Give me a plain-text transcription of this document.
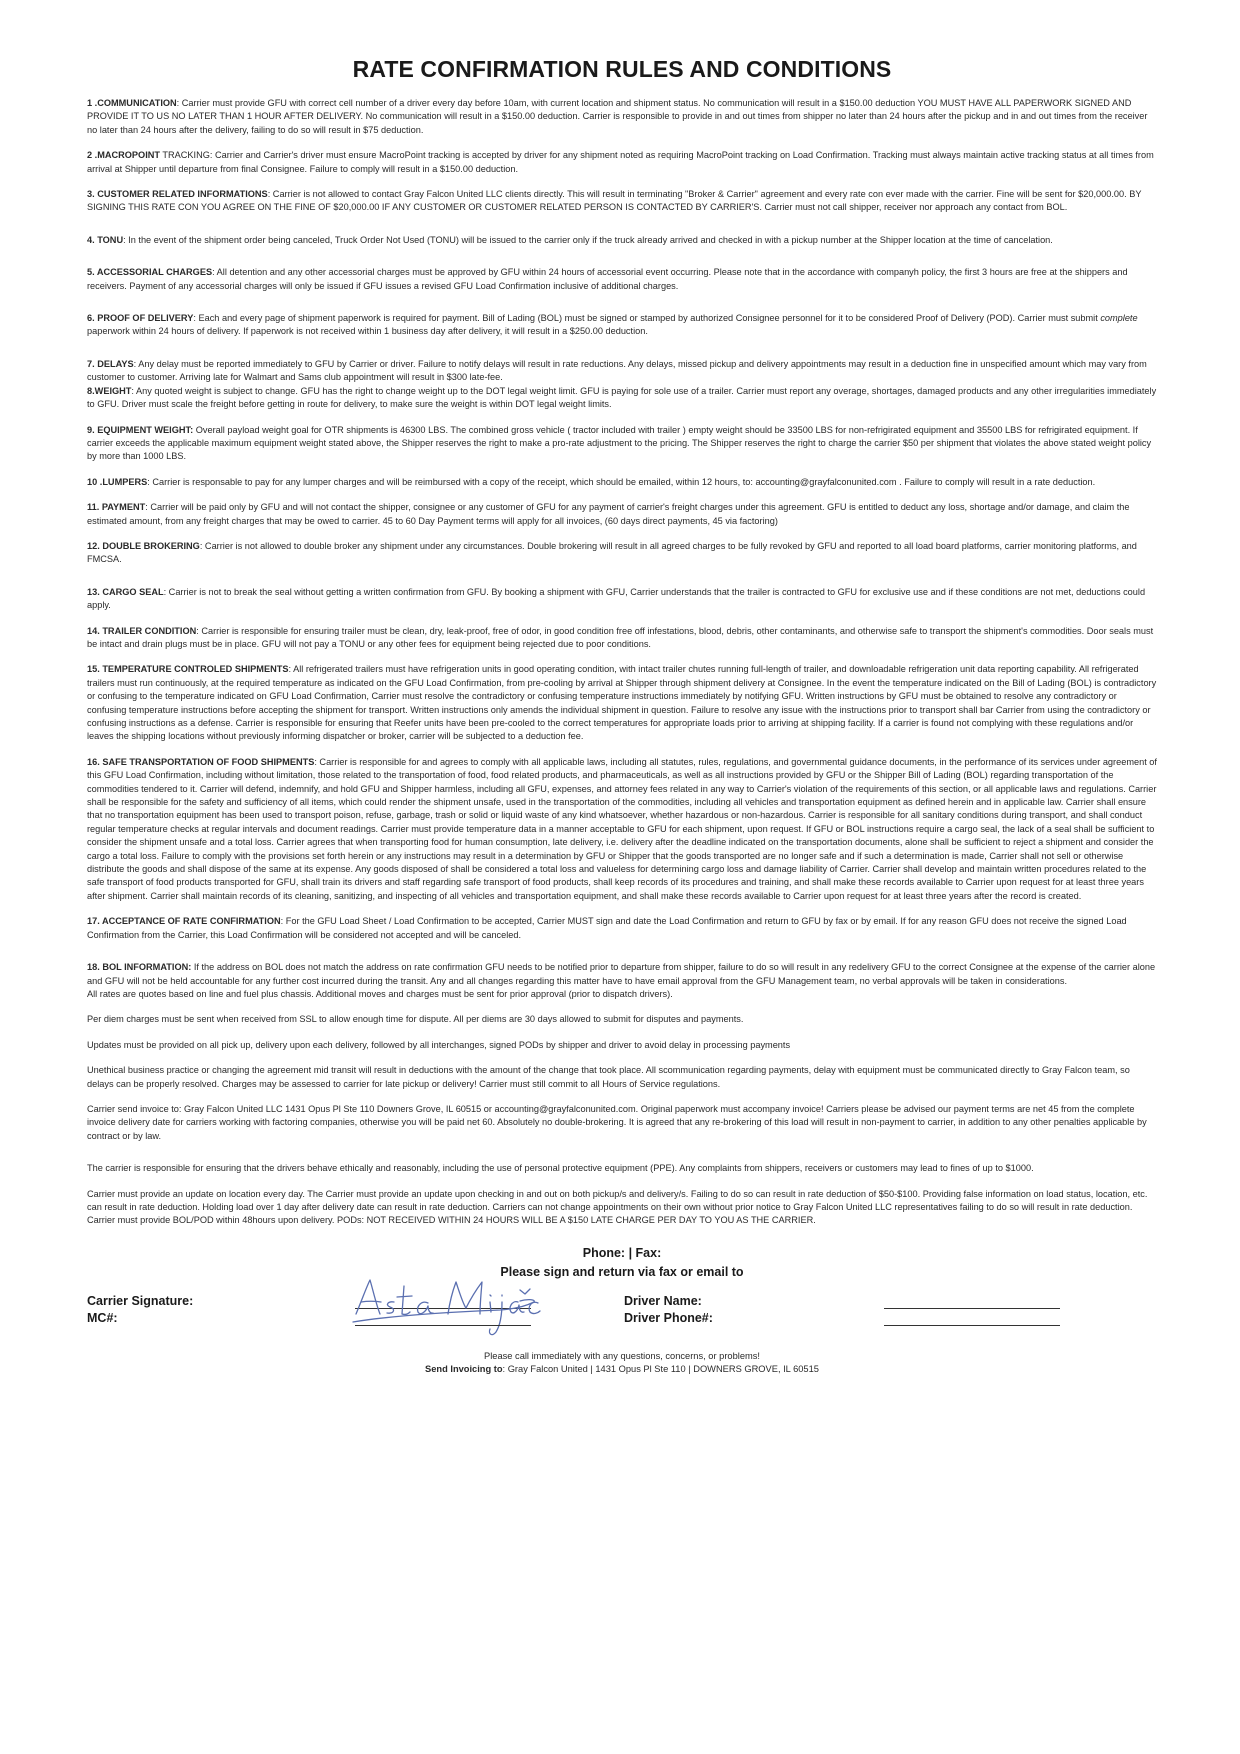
RATE CONFIRMATION RULES AND CONDITIONS

1 .COMMUNICATION: Carrier must provide GFU with correct cell number of a driver every day before 10am, with current location and shipment status. No communication will result in a $150.00 deduction YOU MUST HAVE ALL PAPERWORK SIGNED AND PROVIDE IT TO US NO LATER THAN 1 HOUR AFTER DELIVERY. No communication will result in a $150.00 deduction. Carrier is responsible to provide in and out times from shipper no later than 24 hours after the pickup and in and out times from the receiver no later than 24 hours after the delivery, failing to do so will result in $75 deduction.

2 .MACROPOINT TRACKING: Carrier and Carrier's driver must ensure MacroPoint tracking is accepted by driver for any shipment noted as requiring MacroPoint tracking on Load Confirmation. Tracking must always maintain active tracking status at all times from arrival at Shipper until departure from final Consignee. Failure to comply will result in a $150.00 deduction.

3. CUSTOMER RELATED INFORMATIONS: Carrier is not allowed to contact Gray Falcon United LLC clients directly. This will result in terminating "Broker & Carrier" agreement and every rate con ever made with the carrier. Fine will be sent for $20,000.00. BY SIGNING THIS RATE CON YOU AGREE ON THE FINE OF $20,000.00 IF ANY CUSTOMER OR CUSTOMER RELATED PERSON IS CONTACTED BY CARRIER'S. Carrier must not call shipper, receiver nor approach any contact from BOL.

4. TONU: In the event of the shipment order being canceled, Truck Order Not Used (TONU) will be issued to the carrier only if the truck already arrived and checked in with a pickup number at the Shipper location at the time of cancelation.

5. ACCESSORIAL CHARGES: All detention and any other accessorial charges must be approved by GFU within 24 hours of accessorial event occurring. Please note that in the accordance with companyh policy, the first 3 hours are free at the shippers and receivers. Payment of any accessorial charges will only be issued if GFU issues a revised GFU Load Confirmation inclusive of additional charges.

6. PROOF OF DELIVERY: Each and every page of shipment paperwork is required for payment. Bill of Lading (BOL) must be signed or stamped by authorized Consignee personnel for it to be considered Proof of Delivery (POD). Carrier must submit complete paperwork within 24 hours of delivery. If paperwork is not received within 1 business day after delivery, it will result in a $250.00 deduction.

7. DELAYS: Any delay must be reported immediately to GFU by Carrier or driver. Failure to notify delays will result in rate reductions. Any delays, missed pickup and delivery appointments may result in a deduction fine in unspecified amount which may vary from customer to customer. Arriving late for Walmart and Sams club appointment will result in $300 late-fee.

8.WEIGHT: Any quoted weight is subject to change. GFU has the right to change weight up to the DOT legal weight limit. GFU is paying for sole use of a trailer. Carrier must report any overage, shortages, damaged products and any other irregularities immediately to GFU. Driver must scale the freight before getting in route for delivery, to make sure the weight is within DOT legal weight limits.

9. EQUIPMENT WEIGHT: Overall payload weight goal for OTR shipments is 46300 LBS. The combined gross vehicle ( tractor included with trailer ) empty weight should be 33500 LBS for non-refrigirated equipment and 35500 LBS for refrigirated equipment. If carrier exceeds the applicable maximum equipment weight stated above, the Shipper reserves the right to make a pro-rate adjustment to the pricing. The Shipper reserves the right to charge the carrier $50 per shipment that violates the above stated weight policy by more than 1000 LBS.

10 .LUMPERS: Carrier is responsable to pay for any lumper charges and will be reimbursed with a copy of the receipt, which should be emailed, within 12 hours, to: accounting@grayfalconunited.com . Failure to comply will result in a rate deduction.

11. PAYMENT: Carrier will be paid only by GFU and will not contact the shipper, consignee or any customer of GFU for any payment of carrier's freight charges under this agreement. GFU is entitled to deduct any loss, shortage and/or damage, and claim the estimated amount, from any freight charges that may be owed to carrier. 45 to 60 Day Payment terms will apply for all invoices, (60 days direct payments, 45 via factoring)

12. DOUBLE BROKERING: Carrier is not allowed to double broker any shipment under any circumstances. Double brokering will result in all agreed charges to be fully revoked by GFU and reported to all load board platforms, carrier monitoring platforms, and FMCSA.

13. CARGO SEAL: Carrier is not to break the seal without getting a written confirmation from GFU. By booking a shipment with GFU, Carrier understands that the trailer is contracted to GFU for exclusive use and if these conditions are not met, deductions could apply.

14. TRAILER CONDITION: Carrier is responsible for ensuring trailer must be clean, dry, leak-proof, free of odor, in good condition free off infestations, blood, debris, other contaminants, and otherwise safe to transport the shipment's commodities. Door seals must be intact and drain plugs must be in place. GFU will not pay a TONU or any other fees for equipment being rejected due to poor conditions.

15. TEMPERATURE CONTROLED SHIPMENTS: All refrigerated trailers must have refrigeration units in good operating condition, with intact trailer chutes running full-length of trailer, and downloadable refrigeration unit data reporting capability. All refrigerated trailers must run continuously, at the required temperature as indicated on the GFU Load Confirmation, from pre-cooling by arrival at Shipper through shipment delivery at Consignee. In the event the temperature indicated on the Bill of Lading (BOL) is contradictory or confusing to the temperature indicated on GFU Load Confirmation, Carrier must resolve the contradictory or confusing temperature instructions immediately by notifying GFU. Written instructions by GFU must be obtained to resolve any contradictory or confusing temperature instructions before accepting the shipment for transport. Written instructions only amends the individual shipment in question. Failure to resolve any issue with the instructions prior to transport shall bar Carrier from using the contradictory or confusing instructions as a defense. Carrier is responsible for ensuring that Reefer units have been pre-cooled to the correct temperatures for appropriate loads prior to arriving at shipping facility. If a carrier is found not complying with these regulations and/or leaves the shipping locations without previously informing dispatcher or broker, carrier will be subjected to a deduction fee.

16. SAFE TRANSPORTATION OF FOOD SHIPMENTS: Carrier is responsible for and agrees to comply with all applicable laws, including all statutes, rules, regulations, and governmental guidance documents, in the performance of its services under agreement of this GFU Load Confirmation, including without limitation, those related to the transportation of food, food related products, and pharmaceuticals, as well as all instructions provided by GFU or the Shipper Bill of Lading (BOL) regarding transportation of the commodities tendered to it. Carrier will defend, indemnify, and hold GFU and Shipper harmless, including all GFU, expenses, and attorney fees related in any way to Carrier's violation of the requirements of this section, or all applicable laws and regulations. Carrier shall be responsible for the safety and sufficiency of all items, which could render the shipment unsafe, used in the transportation of the commodities, including all vehicles and transportation equipment as defined herein and in applicable law. Carrier shall ensure that no transportation equipment has been used to transport poison, refuse, garbage, trash or solid or liquid waste of any kind whatsoever, whether hazardous or non-hazardous. Carrier is responsible for all sanitary conditions during transport, and shall conduct regular temperature checks at regular intervals and document readings. Carrier must provide temperature data in a manner acceptable to GFU for each shipment, upon request. If GFU or BOL instructions require a cargo seal, the lack of a seal shall be sufficient to consider the shipment unsafe and a total loss. Carrier agrees that when transporting food for human consumption, late delivery, i.e. delivery after the deadline indicated on the transportation documents, alone shall be sufficient to reject a shipment and consider the cargo a total loss. Failure to comply with the provisions set forth herein or any instructions may result in a determination by GFU or Shipper that the goods transported are no longer safe and if such a determination is made, Carrier shall not sell or otherwise distribute the goods and shall dispose of the same at its expense. Any goods disposed of shall be considered a total loss and valueless for determining cargo loss and damage liability of Carrier. Carrier shall develop and maintain written procedures related to the safe transport of food products transported for GFU, shall train its drivers and staff regarding safe transport of food products, shall keep records of its procedures and training, and shall make these records available to Carrier upon request for at least three years after shipment. Carrier shall maintain records of its cleaning, sanitizing, and inspecting of all vehicles and transportation equipment, and shall make these records available to Carrier upon request for at least three years after the record is created.

17. ACCEPTANCE OF RATE CONFIRMATION: For the GFU Load Sheet / Load Confirmation to be accepted, Carrier MUST sign and date the Load Confirmation and return to GFU by fax or by email. If for any reason GFU does not receive the signed Load Confirmation from the Carrier, this Load Confirmation will be considered not accepted and will be canceled.

18. BOL INFORMATION: If the address on BOL does not match the address on rate confirmation GFU needs to be notified prior to departure from shipper, failure to do so will result in any redelivery GFU to the correct Consignee at the expense of the carrier alone and GFU will not be held accountable for any further cost incurred during the transit. Any and all changes regarding this matter have to have email approval from the GFU Management team, no verbal approvals will be taken in considerations.

All rates are quotes based on line and fuel plus chassis. Additional moves and charges must be sent for prior approval (prior to dispatch drivers).

Per diem charges must be sent when received from SSL to allow enough time for dispute. All per diems are 30 days allowed to submit for disputes and payments.

Updates must be provided on all pick up, delivery upon each delivery, followed by all interchanges, signed PODs by shipper and driver to avoid delay in processing payments

Unethical business practice or changing the agreement mid transit will result in deductions with the amount of the change that took place. All scommunication regarding payments, delay with equipment must be communicated directly to Gray Falcon team, so delays can be properly resolved. Charges may be assessed to carrier for late pickup or delivery! Carrier must still commit to all Hours of Service regulations.

Carrier send invoice to: Gray Falcon United LLC 1431 Opus Pl Ste 110 Downers Grove, IL 60515 or accounting@grayfalconunited.com. Original paperwork must accompany invoice! Carriers please be advised our payment terms are net 45 from the complete invoice delivery date for carriers working with factoring companies, otherwise you will be paid net 60. Absolutely no double-brokering. It is agreed that any re-brokering of this load will result in non-payment to carrier, in addition to any other penalties applicable by contract or by law.

The carrier is responsible for ensuring that the drivers behave ethically and reasonably, including the use of personal protective equipment (PPE). Any complaints from shippers, receivers or customers may lead to fines of up to $1000.

Carrier must provide an update on location every day. The Carrier must provide an update upon checking in and out on both pickup/s and delivery/s. Failing to do so can result in rate deduction of $50-$100. Providing false information on load status, location, etc. can result in rate deduction. Holding load over 1 day after delivery date can result in rate deduction. Carriers can not change appointments on their own without prior notice to Gray Falcon United LLC representatives failing to do so will result in rate deduction. Carrier must provide BOL/POD within 48hours upon delivery. PODs: NOT RECEIVED WITHIN 24 HOURS WILL BE A $150 LATE CHARGE PER DAY TO YOU AS THE CARRIER.

Phone: | Fax:
Please sign and return via fax or email to
Carrier Signature:	Driver Name:
MC#:	Driver Phone#:
Please call immediately with any questions, concerns, or problems!
Send Invoicing to: Gray Falcon United | 1431 Opus Pl Ste 110 | DOWNERS GROVE, IL 60515
